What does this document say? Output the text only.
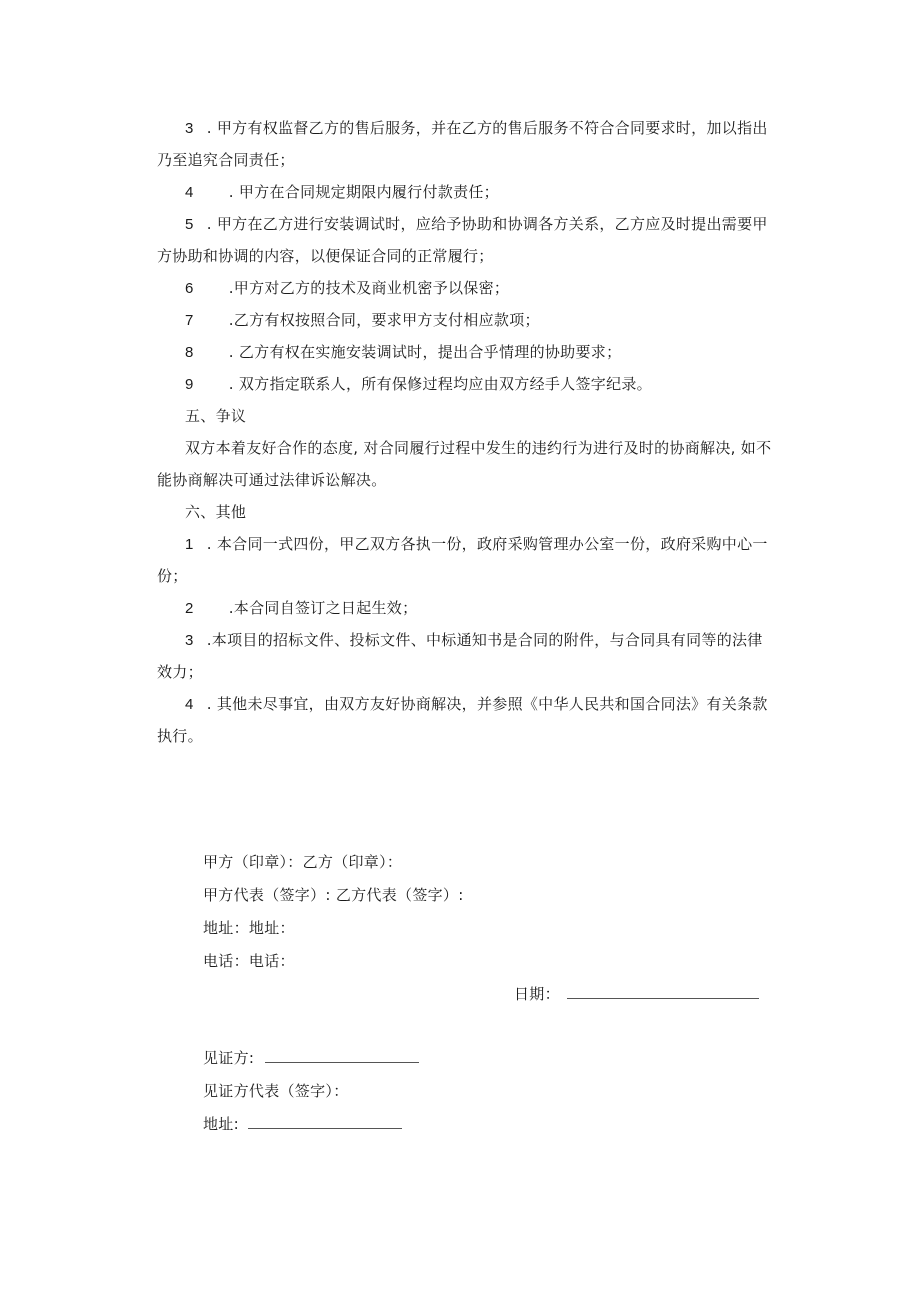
3 . 甲方有权监督乙方的售后服务，并在乙方的售后服务不符合合同要求时，加以指出
乃至追究合同责任；
4 . 甲方在合同规定期限内履行付款责任；
5 . 甲方在乙方进行安装调试时，应给予协助和协调各方关系，乙方应及时提出需要甲
方协助和协调的内容，以便保证合同的正常履行；
6 .甲方对乙方的技术及商业机密予以保密；
7 .乙方有权按照合同，要求甲方支付相应款项；
8 . 乙方有权在实施安装调试时，提出合乎情理的协助要求；
9 . 双方指定联系人，所有保修过程均应由双方经手人签字纪录。
五、争议
双方本着友好合作的态度, 对合同履行过程中发生的违约行为进行及时的协商解决, 如不
能协商解决可通过法律诉讼解决。
六、其他
1 . 本合同一式四份，甲乙双方各执一份，政府采购管理办公室一份，政府采购中心一
份；
2 .本合同自签订之日起生效；
3 .本项目的招标文件、投标文件、中标通知书是合同的附件，与合同具有同等的法律
效力；
4 . 其他未尽事宜，由双方友好协商解决，并参照《中华人民共和国合同法》有关条款
执行。
甲方（印章）：乙方（印章）：
甲方代表（签字）: 乙方代表（签字）:
地址：地址：
电话：电话：
日期：
见证方:
见证方代表（签字）：
地址:
